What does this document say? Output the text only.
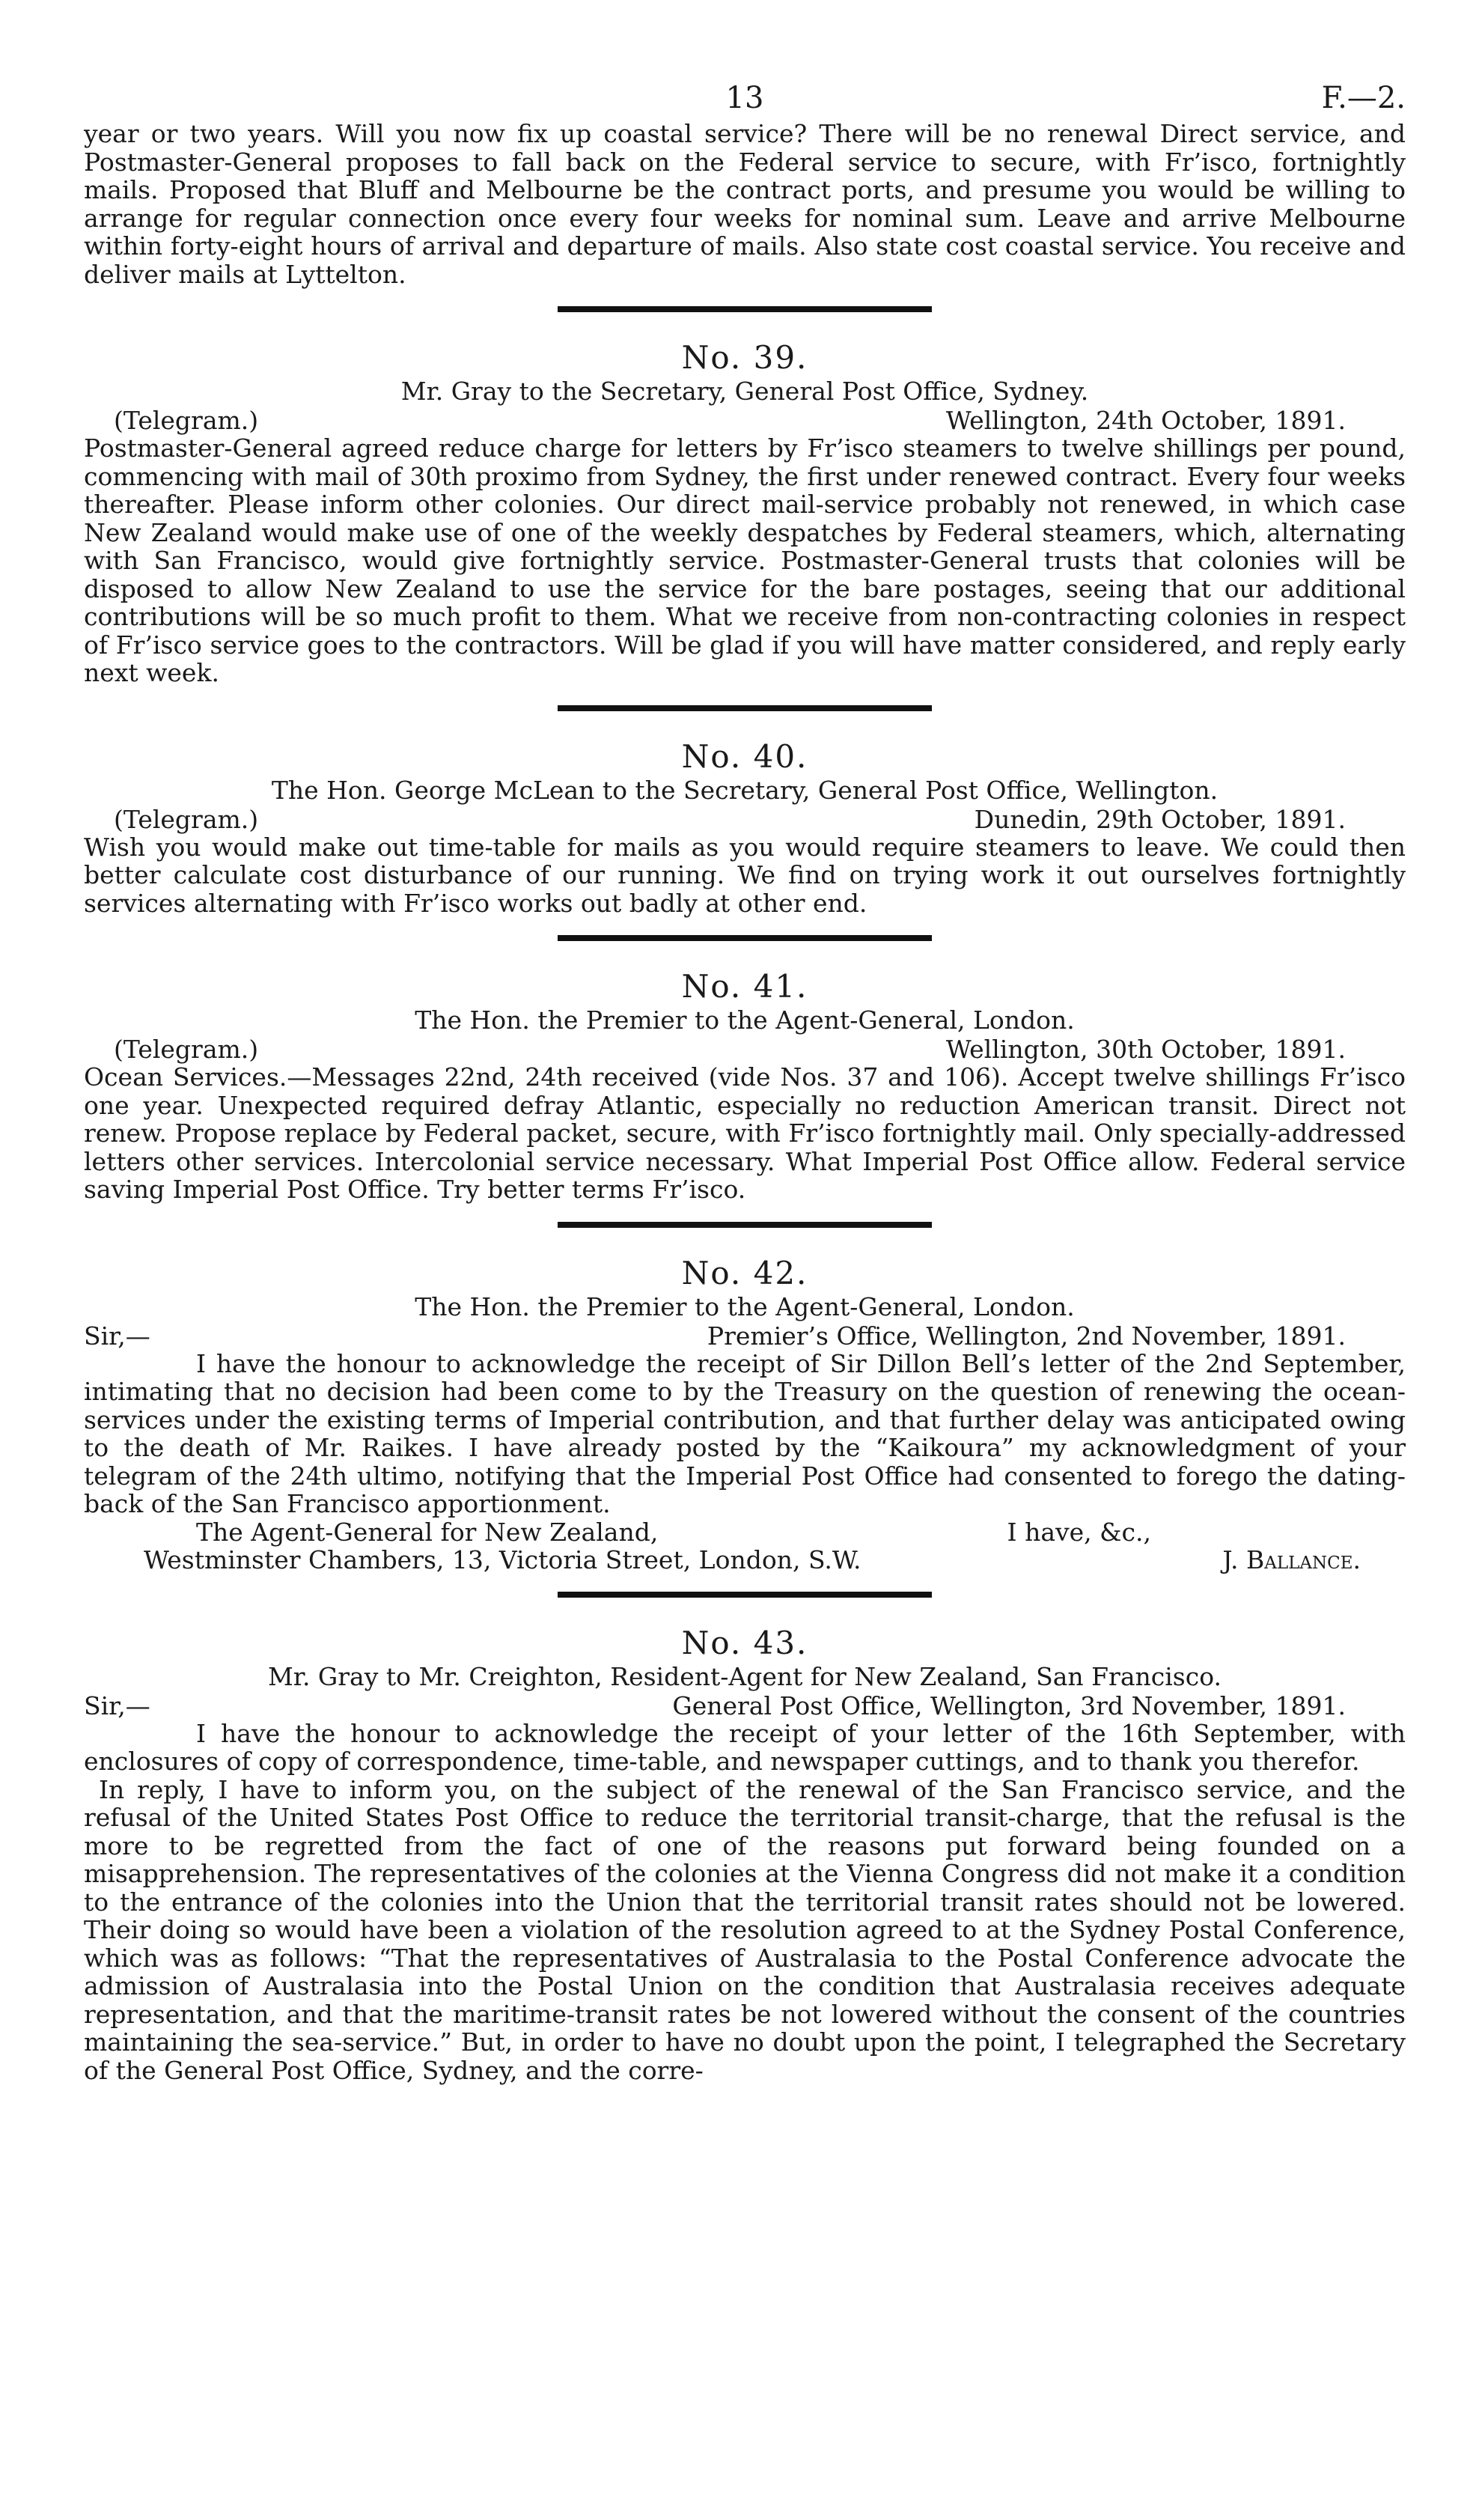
13	F.—2.

year or two years. Will you now fix up coastal service? There will be no renewal Direct service, and Postmaster-General proposes to fall back on the Federal service to secure, with Fr’isco, fortnightly mails. Proposed that Bluff and Melbourne be the contract ports, and presume you would be willing to arrange for regular connection once every four weeks for nominal sum. Leave and arrive Melbourne within forty-eight hours of arrival and departure of mails. Also state cost coastal service. You receive and deliver mails at Lyttelton.

No. 39.
Mr. Gray to the Secretary, General Post Office, Sydney.
(Telegram.)	Wellington, 24th October, 1891.

Postmaster-General agreed reduce charge for letters by Fr’isco steamers to twelve shillings per pound, commencing with mail of 30th proximo from Sydney, the first under renewed contract. Every four weeks thereafter. Please inform other colonies. Our direct mail-service probably not renewed, in which case New Zealand would make use of one of the weekly despatches by Federal steamers, which, alternating with San Francisco, would give fortnightly service. Postmaster-General trusts that colonies will be disposed to allow New Zealand to use the service for the bare postages, seeing that our additional contributions will be so much profit to them. What we receive from non-contracting colonies in respect of Fr’isco service goes to the contractors. Will be glad if you will have matter considered, and reply early next week.

No. 40.
The Hon. George McLean to the Secretary, General Post Office, Wellington.
(Telegram.)	Dunedin, 29th October, 1891.

Wish you would make out time-table for mails as you would require steamers to leave. We could then better calculate cost disturbance of our running. We find on trying work it out ourselves fortnightly services alternating with Fr’isco works out badly at other end.

No. 41.
The Hon. the Premier to the Agent-General, London.
(Telegram.)	Wellington, 30th October, 1891.

Ocean Services.—Messages 22nd, 24th received (vide Nos. 37 and 106). Accept twelve shillings Fr’isco one year. Unexpected required defray Atlantic, especially no reduction American transit. Direct not renew. Propose replace by Federal packet, secure, with Fr’isco fortnightly mail. Only specially-addressed letters other services. Intercolonial service necessary. What Imperial Post Office allow. Federal service saving Imperial Post Office. Try better terms Fr’isco.

No. 42.
The Hon. the Premier to the Agent-General, London.
Sir,—	Premier’s Office, Wellington, 2nd November, 1891.

I have the honour to acknowledge the receipt of Sir Dillon Bell’s letter of the 2nd September, intimating that no decision had been come to by the Treasury on the question of renewing the ocean-services under the existing terms of Imperial contribution, and that further delay was anticipated owing to the death of Mr. Raikes. I have already posted by the “Kaikoura” my acknowledgment of your telegram of the 24th ultimo, notifying that the Imperial Post Office had consented to forego the dating-back of the San Francisco apportionment.

The Agent-General for New Zealand,	I have, &c.,
Westminster Chambers, 13, Victoria Street, London, S.W.	J. Ballance.
No. 43.
Mr. Gray to Mr. Creighton, Resident-Agent for New Zealand, San Francisco.
Sir,—	General Post Office, Wellington, 3rd November, 1891.

I have the honour to acknowledge the receipt of your letter of the 16th September, with enclosures of copy of correspondence, time-table, and newspaper cuttings, and to thank you therefor.

In reply, I have to inform you, on the subject of the renewal of the San Francisco service, and the refusal of the United States Post Office to reduce the territorial transit-charge, that the refusal is the more to be regretted from the fact of one of the reasons put forward being founded on a misapprehension. The representatives of the colonies at the Vienna Congress did not make it a condition to the entrance of the colonies into the Union that the territorial transit rates should not be lowered. Their doing so would have been a violation of the resolution agreed to at the Sydney Postal Conference, which was as follows: “That the representatives of Australasia to the Postal Conference advocate the admission of Australasia into the Postal Union on the condition that Australasia receives adequate representation, and that the maritime-transit rates be not lowered without the consent of the countries maintaining the sea-service.” But, in order to have no doubt upon the point, I telegraphed the Secretary of the General Post Office, Sydney, and the corre-
